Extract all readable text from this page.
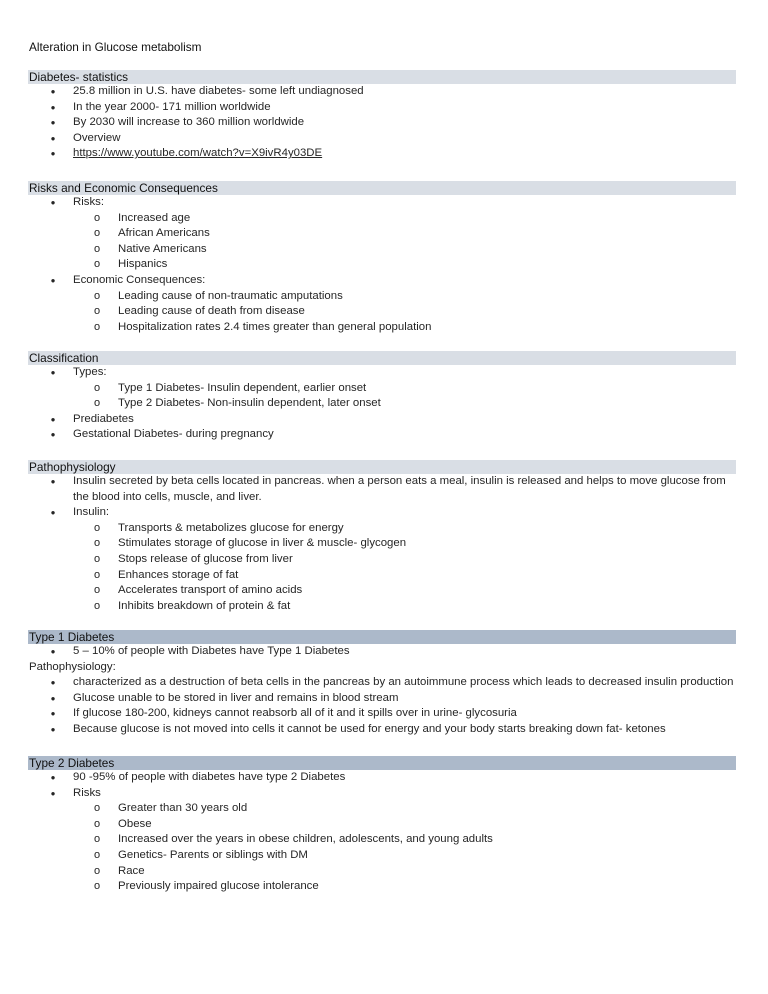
Alteration in Glucose metabolism
Diabetes- statistics
● 25.8 million in U.S. have diabetes- some left undiagnosed
● In the year 2000- 171 million worldwide
● By 2030 will increase to 360 million worldwide
● Overview
● https://www.youtube.com/watch?v=X9ivR4y03DE
Risks and Economic Consequences
● Risks:
o Increased age
o African Americans
o Native Americans
o Hispanics
● Economic Consequences:
o Leading cause of non-traumatic amputations
o Leading cause of death from disease
o Hospitalization rates 2.4 times greater than general population
Classification
● Types:
o Type 1 Diabetes- Insulin dependent, earlier onset
o Type 2 Diabetes- Non-insulin dependent, later onset
● Prediabetes
● Gestational Diabetes- during pregnancy
Pathophysiology
● Insulin secreted by beta cells located in pancreas. when a person eats a meal, insulin is released and helps to move glucose from the blood into cells, muscle, and liver.
● Insulin:
o Transports & metabolizes glucose for energy
o Stimulates storage of glucose in liver & muscle- glycogen
o Stops release of glucose from liver
o Enhances storage of fat
o Accelerates transport of amino acids
o Inhibits breakdown of protein & fat
Type 1 Diabetes
● 5 – 10% of people with Diabetes have Type 1 Diabetes
Pathophysiology:
● characterized as a destruction of beta cells in the pancreas by an autoimmune process which leads to decreased insulin production
● Glucose unable to be stored in liver and remains in blood stream
● If glucose 180-200, kidneys cannot reabsorb all of it and it spills over in urine- glycosuria
● Because glucose is not moved into cells it cannot be used for energy and your body starts breaking down fat- ketones
Type 2 Diabetes
● 90 -95% of people with diabetes have type 2 Diabetes
● Risks
o Greater than 30 years old
o Obese
o Increased over the years in obese children, adolescents, and young adults
o Genetics- Parents or siblings with DM
o Race
o Previously impaired glucose intolerance
